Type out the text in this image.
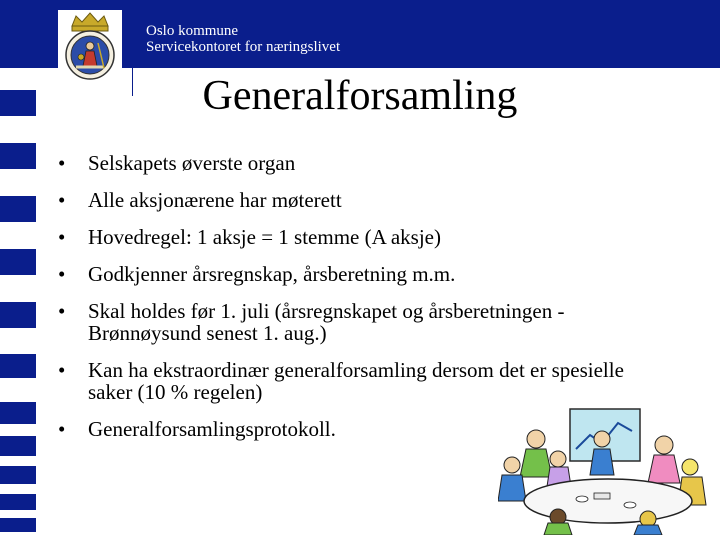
Oslo kommune
Servicekontoret for næringslivet
Generalforsamling
• Selskapets øverste organ
• Alle aksjonærene har møterett
• Hovedregel: 1 aksje = 1 stemme (A aksje)
• Godkjenner årsregnskap, årsberetning m.m.
• Skal holdes før 1. juli (årsregnskapet og årsberetningen - Brønnøysund senest 1. aug.)
• Kan ha ekstraordinær generalforsamling dersom det er spesielle saker (10 % regelen)
• Generalforsamlingsprotokoll.
